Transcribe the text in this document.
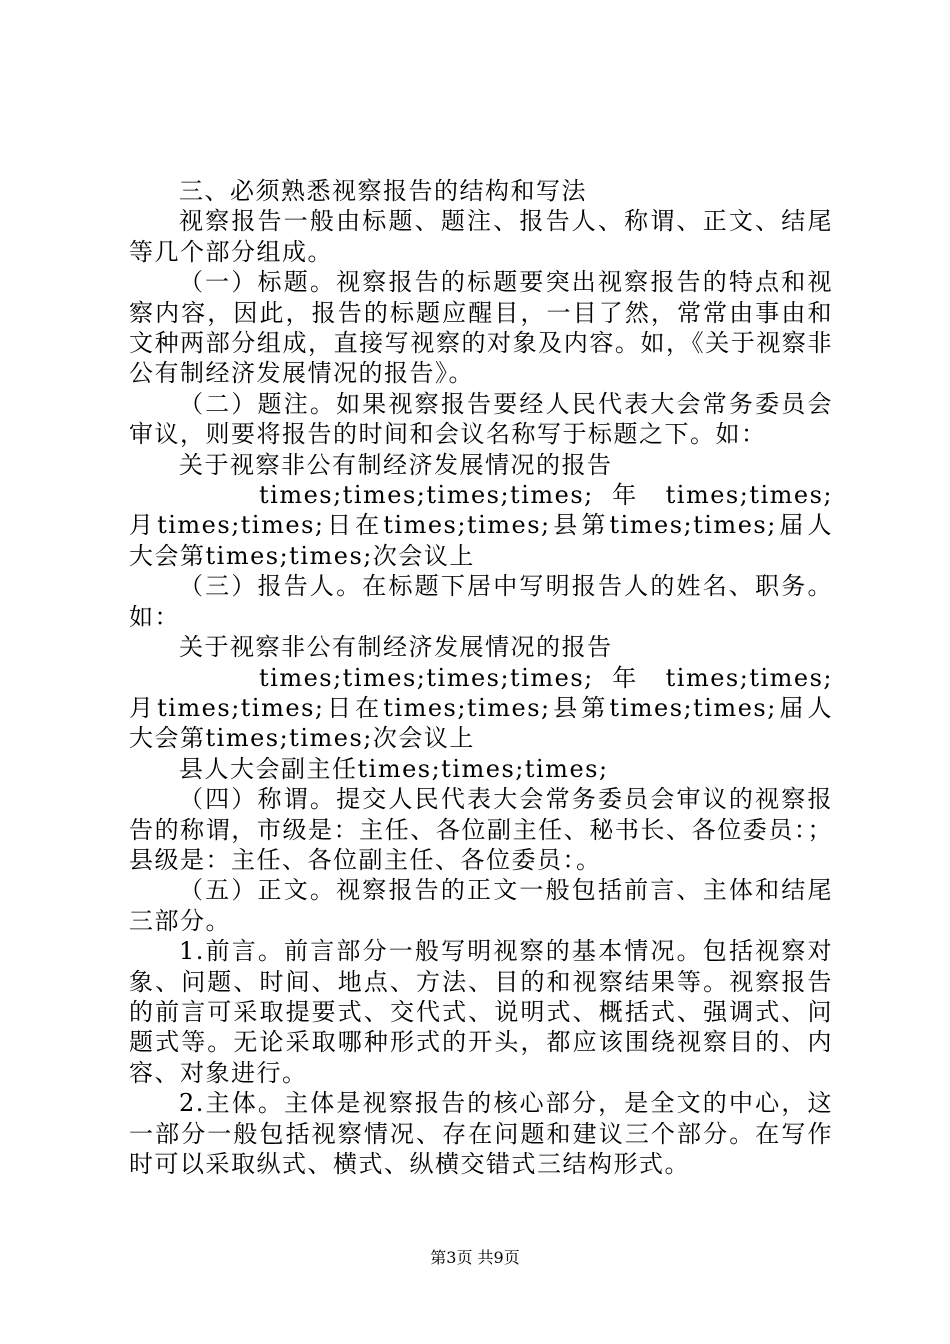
三、必须熟悉视察报告的结构和写法

视察报告一般由标题、题注、报告人、称谓、正文、结尾等几个部分组成。

（一）标题。视察报告的标题要突出视察报告的特点和视察内容，因此，报告的标题应醒目，一目了然，常常由事由和文种两部分组成，直接写视察的对象及内容。如，《关于视察非公有制经济发展情况的报告》。

（二）题注。如果视察报告要经人民代表大会常务委员会审议，则要将报告的时间和会议名称写于标题之下。如：

关于视察非公有制经济发展情况的报告

times;times;times;times; 年 times;times; 月times;times;日在times;times;县第times;times;届人大会第times;times;次会议上

（三）报告人。在标题下居中写明报告人的姓名、职务。如：

关于视察非公有制经济发展情况的报告

times;times;times;times; 年 times;times; 月times;times;日在times;times;县第times;times;届人大会第times;times;次会议上

县人大会副主任times;times;times;

（四）称谓。提交人民代表大会常务委员会审议的视察报告的称谓，市级是：主任、各位副主任、秘书长、各位委员：；县级是：主任、各位副主任、各位委员：。

（五）正文。视察报告的正文一般包括前言、主体和结尾三部分。

1.前言。前言部分一般写明视察的基本情况。包括视察对象、问题、时间、地点、方法、目的和视察结果等。视察报告的前言可采取提要式、交代式、说明式、概括式、强调式、问题式等。无论采取哪种形式的开头，都应该围绕视察目的、内容、对象进行。

2.主体。主体是视察报告的核心部分，是全文的中心，这一部分一般包括视察情况、存在问题和建议三个部分。在写作时可以采取纵式、横式、纵横交错式三结构形式。

第3页 共9页
